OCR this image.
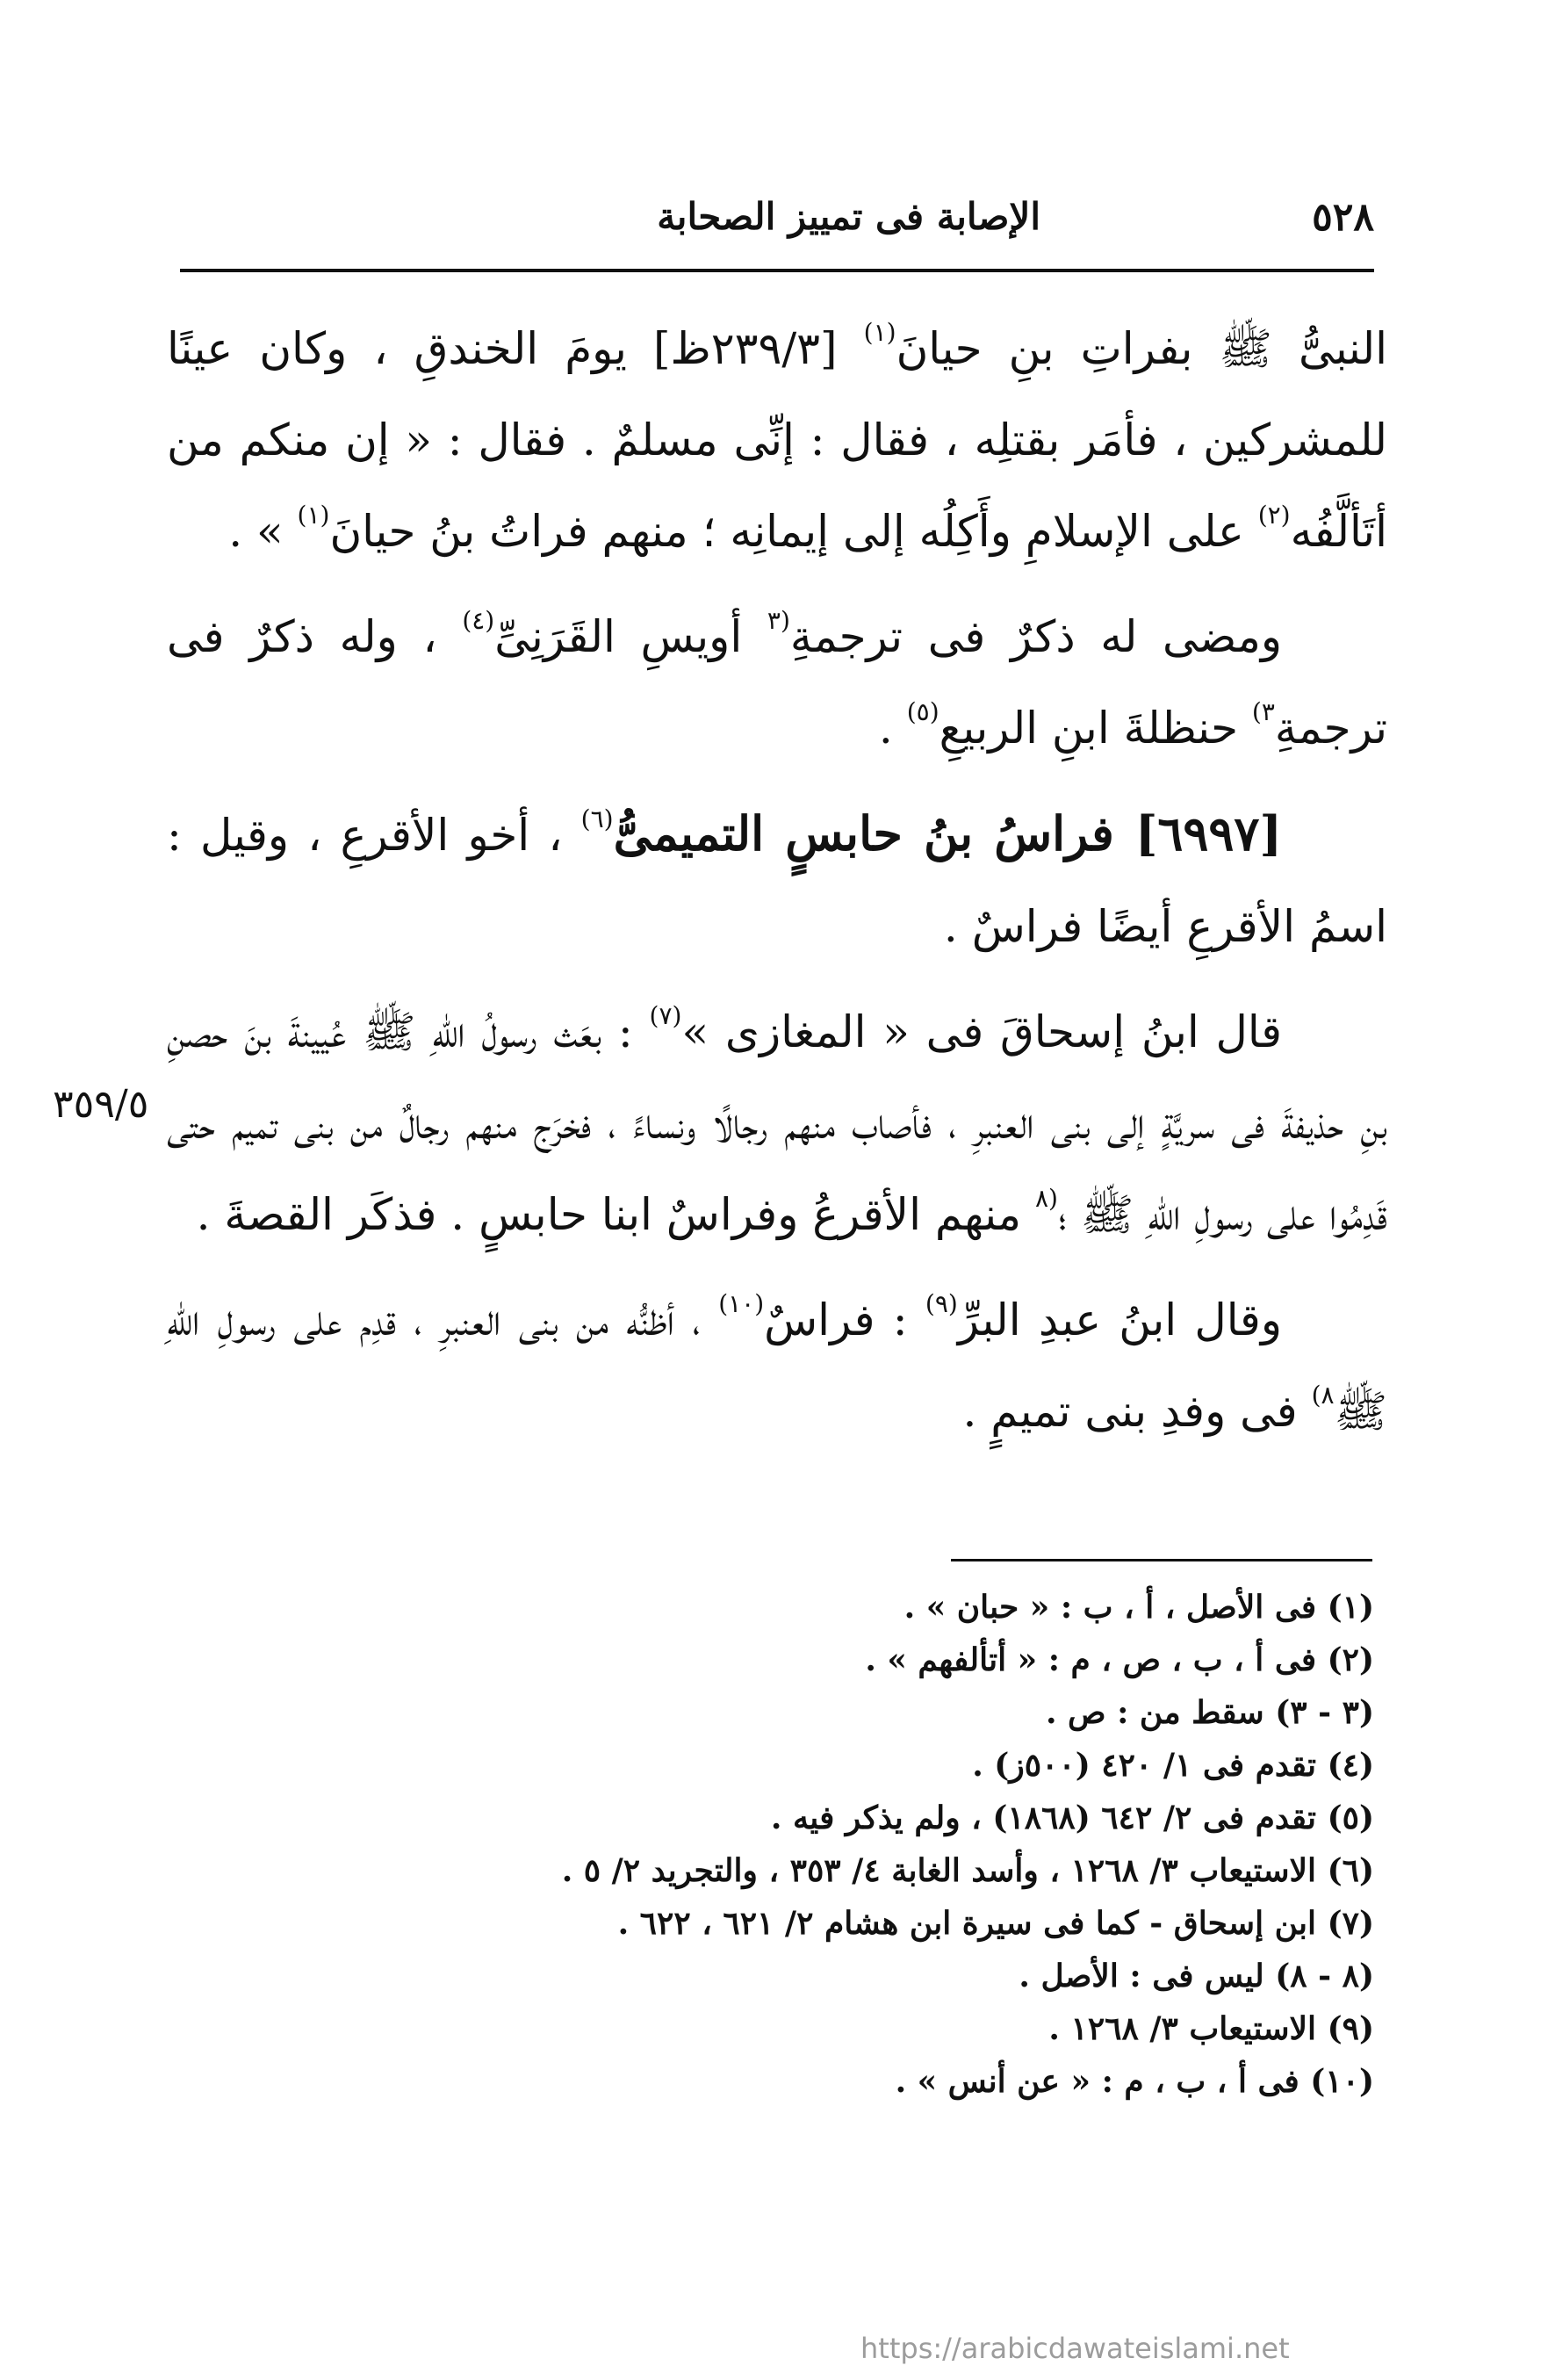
٥٢٨
الإصابة فى تمييز الصحابة

النبىُّ ﷺ بفراتِ بنِ حيانَ$^{(١)}$ [٢٣٩/٣ظ] يومَ الخندقِ ، وكان عينًا للمشركين ، فأمَر بقتلِه ، فقال : إنِّى مسلمٌ . فقال : « إن منكم من أتَألَّفُه$^{(٢)}$ على الإسلامِ وأَكِلُه إلى إيمانِه ؛ منهم فراتُ بنُ حيانَ$^{(١)}$ » .

ومضى له ذكرٌ فى ترجمةِ$^{(٣}$ أويسِ القَرَنِىِّ$^{(٤)}$ ، وله ذكرٌ فى ترجمةِ$^{٣)}$ حنظلةَ ابنِ الربيعِ$^{(٥)}$ .

[٦٩٩٧] فراسُ بنُ حابسٍ التميمىُّ$^{(٦)}$ ، أخو الأقرعِ ، وقيل : اسمُ الأقرعِ أيضًا فراسٌ .

قال ابنُ إسحاقَ فى « المغازى »$^{(٧)}$ : بعَث رسولُ اللهِ ﷺ عُيينةَ بنَ حصنِ بنِ حذيفةَ فى سريَّةٍ إلى بنى العنبرِ ، فأصاب منهم رجالًا ونساءً ، فخرَج منهم رجالٌ من بنى تميم حتى قَدِمُوا على رسولِ اللهِ ﷺ ؛$^{(٨}$ منهم الأقرعُ وفراسٌ ابنا حابسٍ . فذكَر القصةَ .

وقال ابنُ عبدِ البرِّ$^{(٩)}$ : فراسٌ$^{(١٠)}$ ، أظنُّه من بنى العنبرِ ، قدِم على رسولِ اللهِ ﷺ$^{٨)}$ فى وفدِ بنى تميمٍ .

٣٥٩/٥

(١) فى الأصل ، أ ، ب : « حبان » .

(٢) فى أ ، ب ، ص ، م : « أتألفهم » .

(٣ - ٣) سقط من : ص .

(٤) تقدم فى ١/ ٤٢٠ (٥٠٠ز) .

(٥) تقدم فى ٢/ ٦٤٢ (١٨٦٨) ، ولم يذكر فيه .

(٦) الاستيعاب ٣/ ١٢٦٨ ، وأسد الغابة ٤/ ٣٥٣ ، والتجريد ٢/ ٥ .

(٧) ابن إسحاق - كما فى سيرة ابن هشام ٢/ ٦٢١ ، ٦٢٢ .

(٨ - ٨) ليس فى : الأصل .

(٩) الاستيعاب ٣/ ١٢٦٨ .

(١٠) فى أ ، ب ، م : « عن أنس » .

https://arabicdawateislami.net
